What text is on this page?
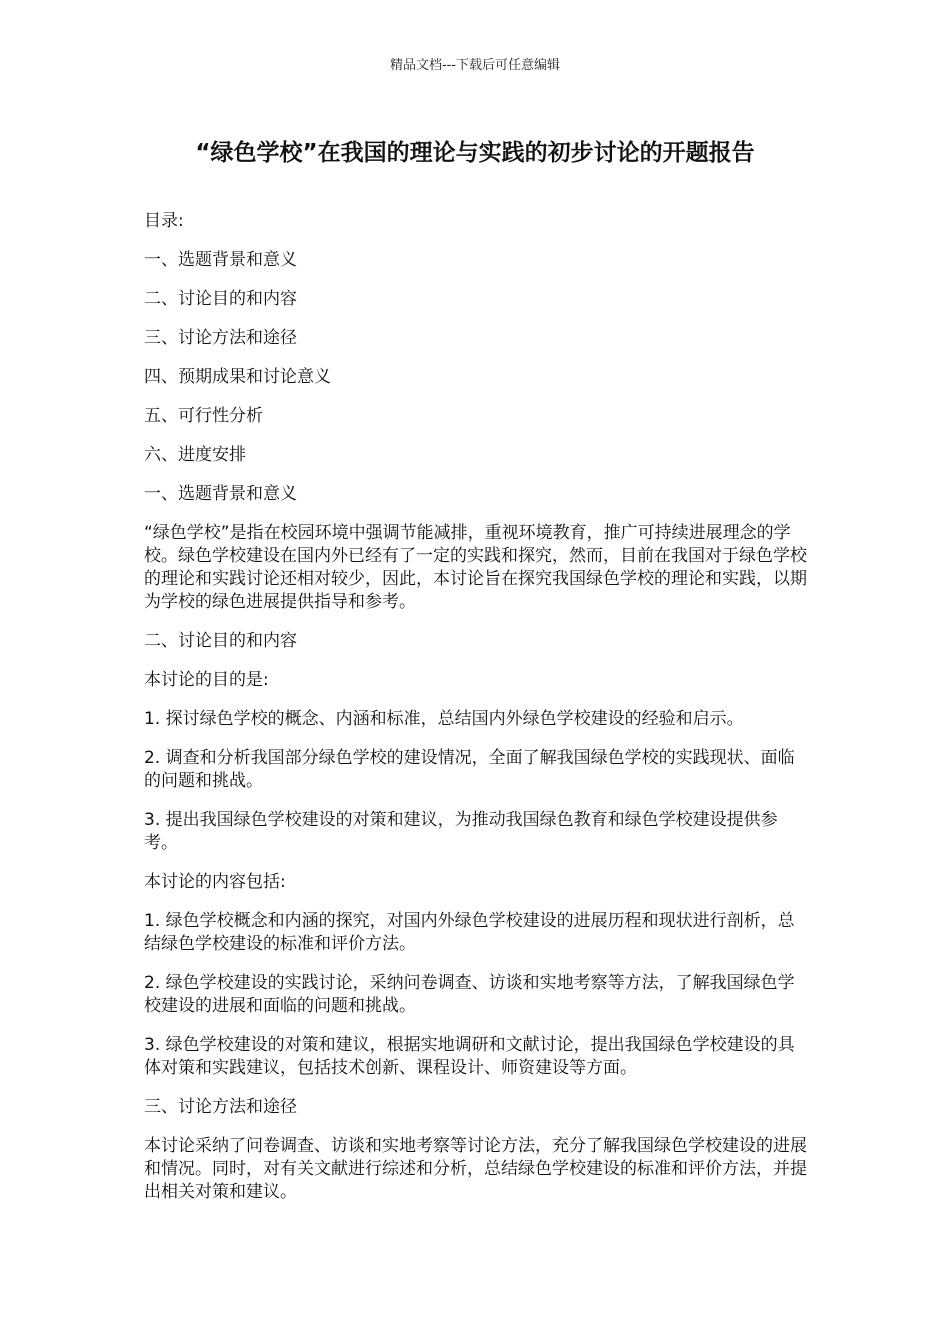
精品文档---下载后可任意编辑
“绿色学校”在我国的理论与实践的初步讨论的开题报告

目录:

一、选题背景和意义

二、讨论目的和内容

三、讨论方法和途径

四、预期成果和讨论意义

五、可行性分析

六、进度安排

一、选题背景和意义

“绿色学校”是指在校园环境中强调节能减排，重视环境教育，推广可持续进展理念的学校。绿色学校建设在国内外已经有了一定的实践和探究，然而，目前在我国对于绿色学校的理论和实践讨论还相对较少，因此，本讨论旨在探究我国绿色学校的理论和实践，以期为学校的绿色进展提供指导和参考。

二、讨论目的和内容

本讨论的目的是:

1. 探讨绿色学校的概念、内涵和标准，总结国内外绿色学校建设的经验和启示。

2. 调查和分析我国部分绿色学校的建设情况，全面了解我国绿色学校的实践现状、面临的问题和挑战。

3. 提出我国绿色学校建设的对策和建议，为推动我国绿色教育和绿色学校建设提供参考。

本讨论的内容包括:

1. 绿色学校概念和内涵的探究，对国内外绿色学校建设的进展历程和现状进行剖析，总结绿色学校建设的标准和评价方法。

2. 绿色学校建设的实践讨论，采纳问卷调查、访谈和实地考察等方法，了解我国绿色学校建设的进展和面临的问题和挑战。

3. 绿色学校建设的对策和建议，根据实地调研和文献讨论，提出我国绿色学校建设的具体对策和实践建议，包括技术创新、课程设计、师资建设等方面。

三、讨论方法和途径

本讨论采纳了问卷调查、访谈和实地考察等讨论方法，充分了解我国绿色学校建设的进展和情况。同时，对有关文献进行综述和分析，总结绿色学校建设的标准和评价方法，并提出相关对策和建议。
